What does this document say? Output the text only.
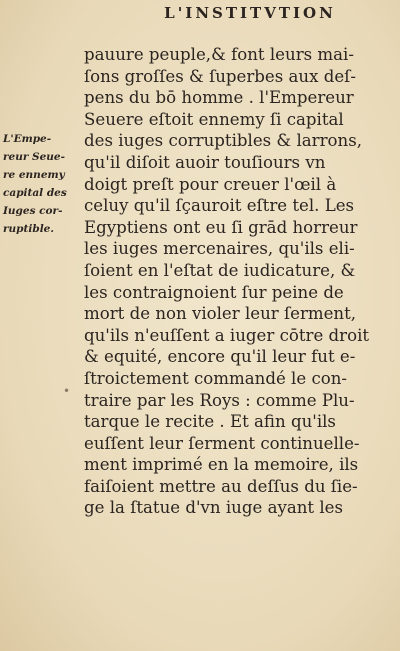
L'INSTITVTION
L'Empe-
reur Seue-
re ennemy
capital des
Iuges cor-
ruptible.
•
pauure peuple,& font leurs mai-
ſons groſſes & ſuperbes aux deſ-
pens du bō homme . l'Empereur
Seuere eſtoit ennemy ſi capital
des iuges corruptibles & larrons,
qu'il diſoit auoir touſiours vn
doigt preſt pour creuer l'œil à
celuy qu'il ſçauroit eſtre tel. Les
Egyptiens ont eu ſi grād horreur
les iuges mercenaires, qu'ils eli-
ſoient en l'eſtat de iudicature, &
les contraignoient ſur peine de
mort de non violer leur ſerment,
qu'ils n'euſſent a iuger cōtre droit
& equité, encore qu'il leur fut e-
ſtroictement commandé le con-
traire par les Roys : comme Plu-
tarque le recite . Et afin qu'ils
euſſent leur ſerment continuelle-
ment imprimé en la memoire, ils
faiſoient mettre au deſſus du ſie-
ge la ſtatue d'vn iuge ayant les
